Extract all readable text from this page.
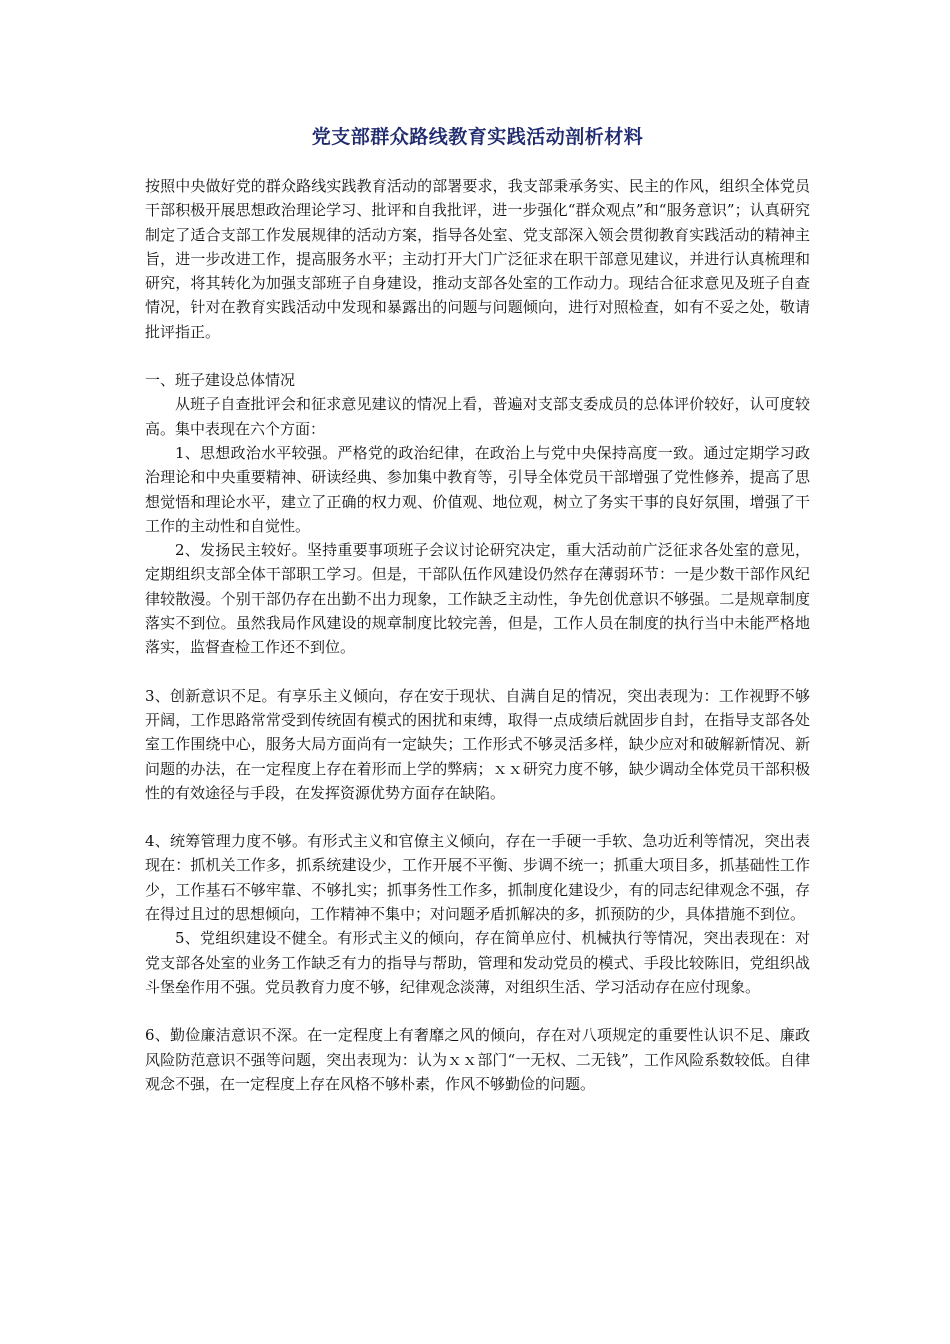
党支部群众路线教育实践活动剖析材料

按照中央做好党的群众路线实践教育活动的部署要求，我支部秉承务实、民主的作风，组织全体党员干部积极开展思想政治理论学习、批评和自我批评，进一步强化“群众观点”和“服务意识”；认真研究制定了适合支部工作发展规律的活动方案，指导各处室、党支部深入领会贯彻教育实践活动的精神主旨，进一步改进工作，提高服务水平；主动打开大门广泛征求在职干部意见建议，并进行认真梳理和研究，将其转化为加强支部班子自身建设，推动支部各处室的工作动力。现结合征求意见及班子自查情况，针对在教育实践活动中发现和暴露出的问题与问题倾向，进行对照检查，如有不妥之处，敬请批评指正。

一、班子建设总体情况

从班子自查批评会和征求意见建议的情况上看，普遍对支部支委成员的总体评价较好，认可度较高。集中表现在六个方面：

1、思想政治水平较强。严格党的政治纪律，在政治上与党中央保持高度一致。通过定期学习政治理论和中央重要精神、研读经典、参加集中教育等，引导全体党员干部增强了党性修养，提高了思想觉悟和理论水平，建立了正确的权力观、价值观、地位观，树立了务实干事的良好氛围，增强了干工作的主动性和自觉性。

2、发扬民主较好。坚持重要事项班子会议讨论研究决定，重大活动前广泛征求各处室的意见，定期组织支部全体干部职工学习。但是，干部队伍作风建设仍然存在薄弱环节：一是少数干部作风纪律较散漫。个别干部仍存在出勤不出力现象，工作缺乏主动性，争先创优意识不够强。二是规章制度落实不到位。虽然我局作风建设的规章制度比较完善，但是，工作人员在制度的执行当中未能严格地落实，监督查检工作还不到位。

3、创新意识不足。有享乐主义倾向，存在安于现状、自满自足的情况，突出表现为：工作视野不够开阔，工作思路常常受到传统固有模式的困扰和束缚，取得一点成绩后就固步自封，在指导支部各处室工作围绕中心，服务大局方面尚有一定缺失；工作形式不够灵活多样，缺少应对和破解新情况、新问题的办法，在一定程度上存在着形而上学的弊病；ｘｘ研究力度不够，缺少调动全体党员干部积极性的有效途径与手段，在发挥资源优势方面存在缺陷。

4、统筹管理力度不够。有形式主义和官僚主义倾向，存在一手硬一手软、急功近利等情况，突出表现在：抓机关工作多，抓系统建设少，工作开展不平衡、步调不统一；抓重大项目多，抓基础性工作少，工作基石不够牢靠、不够扎实；抓事务性工作多，抓制度化建设少，有的同志纪律观念不强，存在得过且过的思想倾向，工作精神不集中；对问题矛盾抓解决的多，抓预防的少，具体措施不到位。

5、党组织建设不健全。有形式主义的倾向，存在简单应付、机械执行等情况，突出表现在：对党支部各处室的业务工作缺乏有力的指导与帮助，管理和发动党员的模式、手段比较陈旧，党组织战斗堡垒作用不强。党员教育力度不够，纪律观念淡薄，对组织生活、学习活动存在应付现象。

6、勤俭廉洁意识不深。在一定程度上有奢靡之风的倾向，存在对八项规定的重要性认识不足、廉政风险防范意识不强等问题，突出表现为：认为ｘｘ部门“一无权、二无钱”，工作风险系数较低。自律观念不强，在一定程度上存在风格不够朴素，作风不够勤俭的问题。
